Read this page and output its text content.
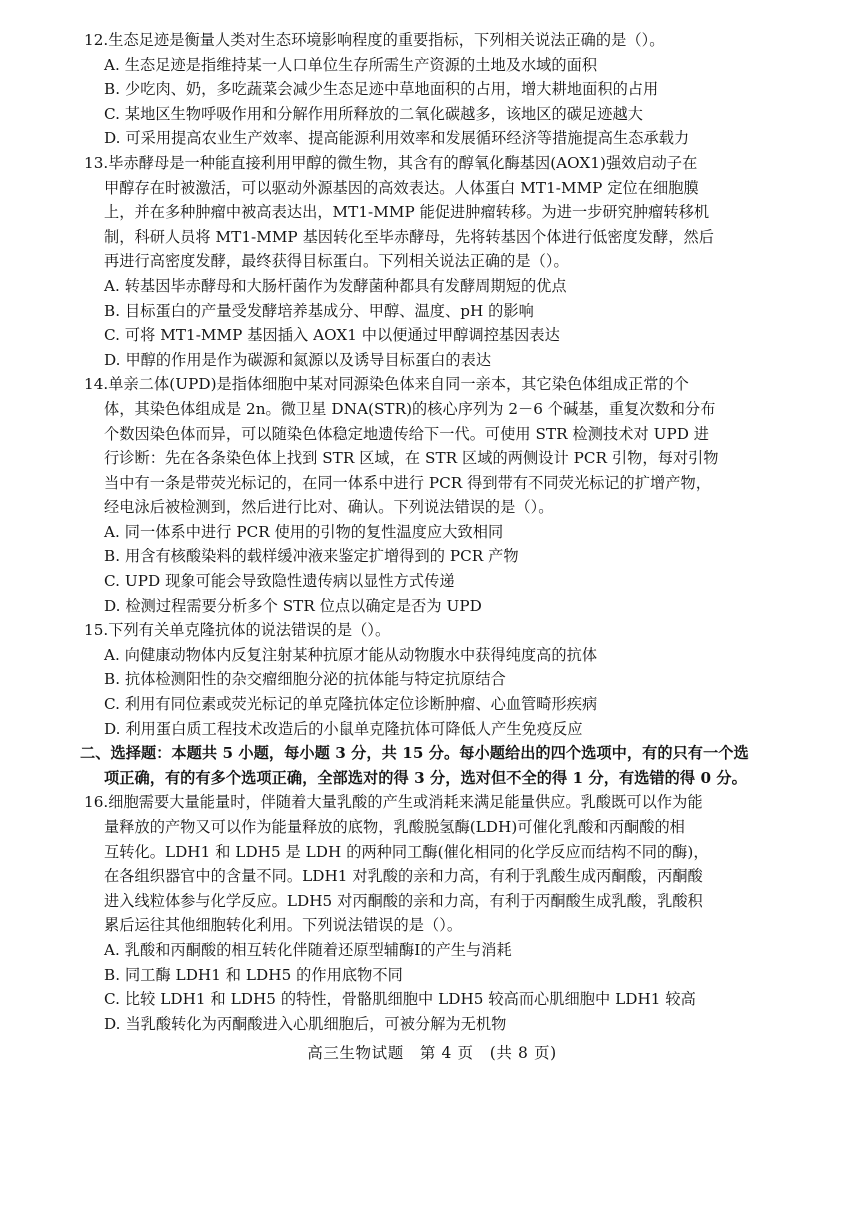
12.生态足迹是衡量人类对生态环境影响程度的重要指标，下列相关说法正确的是（）。
A. 生态足迹是指维持某一人口单位生存所需生产资源的土地及水域的面积
B. 少吃肉、奶，多吃蔬菜会减少生态足迹中草地面积的占用，增大耕地面积的占用
C. 某地区生物呼吸作用和分解作用所释放的二氧化碳越多，该地区的碳足迹越大
D. 可采用提高农业生产效率、提高能源利用效率和发展循环经济等措施提高生态承载力
13.毕赤酵母是一种能直接利用甲醇的微生物，其含有的醇氧化酶基因(AOX1)强效启动子在
甲醇存在时被激活，可以驱动外源基因的高效表达。人体蛋白 MT1-MMP 定位在细胞膜
上，并在多种肿瘤中被高表达出，MT1-MMP 能促进肿瘤转移。为进一步研究肿瘤转移机
制，科研人员将 MT1-MMP 基因转化至毕赤酵母，先将转基因个体进行低密度发酵，然后
再进行高密度发酵，最终获得目标蛋白。下列相关说法正确的是（）。
A. 转基因毕赤酵母和大肠杆菌作为发酵菌种都具有发酵周期短的优点
B. 目标蛋白的产量受发酵培养基成分、甲醇、温度、pH 的影响
C. 可将 MT1-MMP 基因插入 AOX1 中以便通过甲醇调控基因表达
D. 甲醇的作用是作为碳源和氮源以及诱导目标蛋白的表达
14.单亲二体(UPD)是指体细胞中某对同源染色体来自同一亲本，其它染色体组成正常的个
体，其染色体组成是 2n。微卫星 DNA(STR)的核心序列为 2－6 个碱基，重复次数和分布
个数因染色体而异，可以随染色体稳定地遗传给下一代。可使用 STR 检测技术对 UPD 进
行诊断：先在各条染色体上找到 STR 区域，在 STR 区域的两侧设计 PCR 引物，每对引物
当中有一条是带荧光标记的，在同一体系中进行 PCR 得到带有不同荧光标记的扩增产物，
经电泳后被检测到，然后进行比对、确认。下列说法错误的是（）。
A. 同一体系中进行 PCR 使用的引物的复性温度应大致相同
B. 用含有核酸染料的载样缓冲液来鉴定扩增得到的 PCR 产物
C. UPD 现象可能会导致隐性遗传病以显性方式传递
D. 检测过程需要分析多个 STR 位点以确定是否为 UPD
15.下列有关单克隆抗体的说法错误的是（）。
A. 向健康动物体内反复注射某种抗原才能从动物腹水中获得纯度高的抗体
B. 抗体检测阳性的杂交瘤细胞分泌的抗体能与特定抗原结合
C. 利用有同位素或荧光标记的单克隆抗体定位诊断肿瘤、心血管畸形疾病
D. 利用蛋白质工程技术改造后的小鼠单克隆抗体可降低人产生免疫反应
二、选择题：本题共 5 小题，每小题 3 分，共 15 分。每小题给出的四个选项中，有的只有一个选
项正确，有的有多个选项正确，全部选对的得 3 分，选对但不全的得 1 分，有选错的得 0 分。
16.细胞需要大量能量时，伴随着大量乳酸的产生或消耗来满足能量供应。乳酸既可以作为能
量释放的产物又可以作为能量释放的底物，乳酸脱氢酶(LDH)可催化乳酸和丙酮酸的相
互转化。LDH1 和 LDH5 是 LDH 的两种同工酶(催化相同的化学反应而结构不同的酶)，
在各组织器官中的含量不同。LDH1 对乳酸的亲和力高，有利于乳酸生成丙酮酸，丙酮酸
进入线粒体参与化学反应。LDH5 对丙酮酸的亲和力高，有利于丙酮酸生成乳酸，乳酸积
累后运往其他细胞转化利用。下列说法错误的是（）。
A. 乳酸和丙酮酸的相互转化伴随着还原型辅酶Ⅰ的产生与消耗
B. 同工酶 LDH1 和 LDH5 的作用底物不同
C. 比较 LDH1 和 LDH5 的特性，骨骼肌细胞中 LDH5 较高而心肌细胞中 LDH1 较高
D. 当乳酸转化为丙酮酸进入心肌细胞后，可被分解为无机物
高三生物试题　第 4 页　(共 8 页)
